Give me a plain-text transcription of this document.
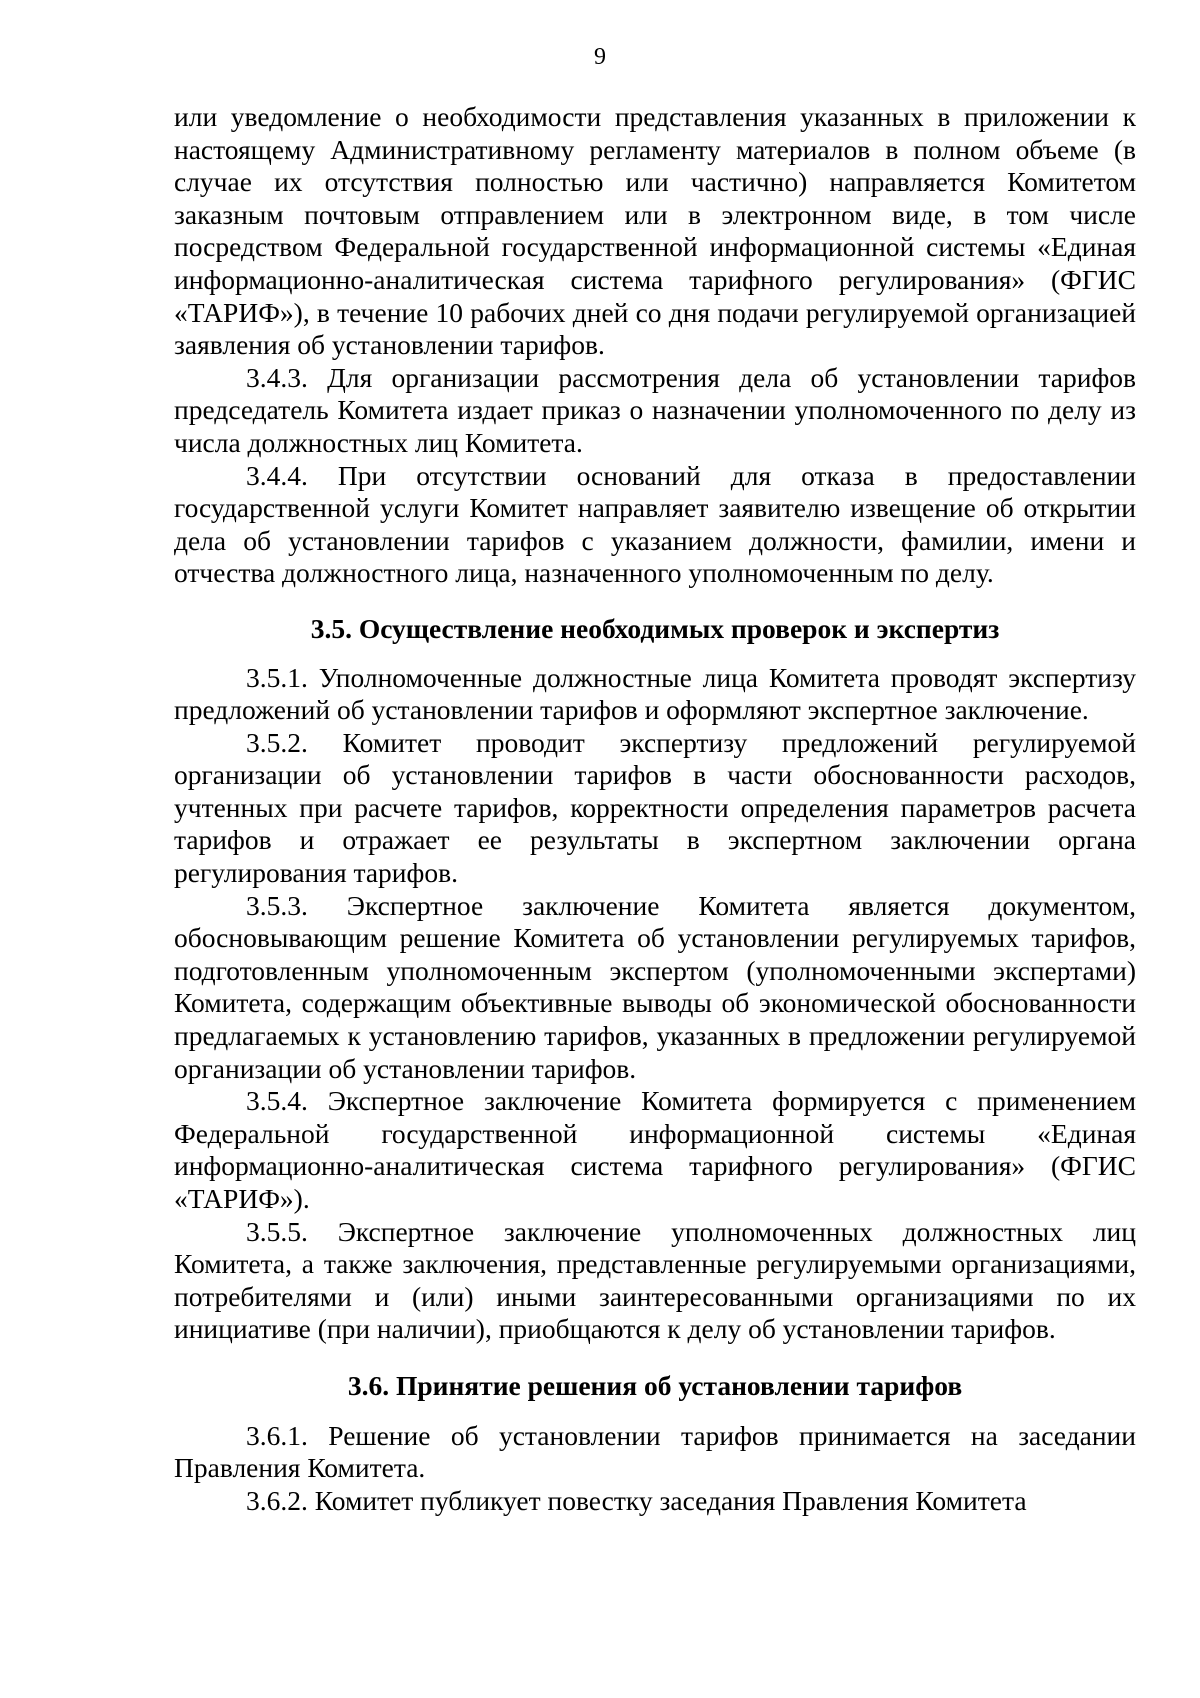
9

или уведомление о необходимости представления указанных в приложении к настоящему Административному регламенту материалов в полном объеме (в случае их отсутствия полностью или частично) направляется Комитетом заказным почтовым отправлением или в электронном виде, в том числе посредством Федеральной государственной информационной системы «Единая информационно-аналитическая система тарифного регулирования» (ФГИС «ТАРИФ»), в течение 10 рабочих дней со дня подачи регулируемой организацией заявления об установлении тарифов.

3.4.3. Для организации рассмотрения дела об установлении тарифов председатель Комитета издает приказ о назначении уполномоченного по делу из числа должностных лиц Комитета.

3.4.4. При отсутствии оснований для отказа в предоставлении государственной услуги Комитет направляет заявителю извещение об открытии дела об установлении тарифов с указанием должности, фамилии, имени и отчества должностного лица, назначенного уполномоченным по делу.

3.5. Осуществление необходимых проверок и экспертиз

3.5.1. Уполномоченные должностные лица Комитета проводят экспертизу предложений об установлении тарифов и оформляют экспертное заключение.

3.5.2. Комитет проводит экспертизу предложений регулируемой организации об установлении тарифов в части обоснованности расходов, учтенных при расчете тарифов, корректности определения параметров расчета тарифов и отражает ее результаты в экспертном заключении органа регулирования тарифов.

3.5.3. Экспертное заключение Комитета является документом, обосновывающим решение Комитета об установлении регулируемых тарифов, подготовленным уполномоченным экспертом (уполномоченными экспертами) Комитета, содержащим объективные выводы об экономической обоснованности предлагаемых к установлению тарифов, указанных в предложении регулируемой организации об установлении тарифов.

3.5.4. Экспертное заключение Комитета формируется с применением Федеральной государственной информационной системы «Единая информационно-аналитическая система тарифного регулирования» (ФГИС «ТАРИФ»).

3.5.5. Экспертное заключение уполномоченных должностных лиц Комитета, а также заключения, представленные регулируемыми организациями, потребителями и (или) иными заинтересованными организациями по их инициативе (при наличии), приобщаются к делу об установлении тарифов.

3.6. Принятие решения об установлении тарифов

3.6.1. Решение об установлении тарифов принимается на заседании Правления Комитета.

3.6.2. Комитет публикует повестку заседания Правления Комитета
